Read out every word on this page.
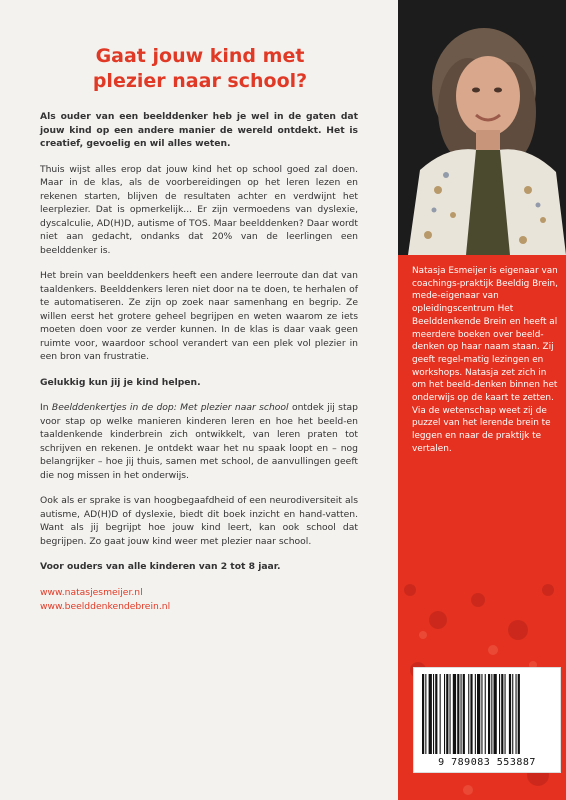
Gaat jouw kind met
plezier naar school?

Als ouder van een beelddenker heb je wel in de gaten dat jouw kind op een andere manier de wereld ontdekt. Het is creatief, gevoelig en wil alles weten.

Thuis wijst alles erop dat jouw kind het op school goed zal doen. Maar in de klas, als de voorbereidingen op het leren lezen en rekenen starten, blijven de resultaten achter en verdwijnt het leerplezier. Dat is opmerkelijk... Er zijn vermoedens van dyslexie, dyscalculie, AD(H)D, autisme of TOS. Maar beelddenken? Daar wordt niet aan gedacht, ondanks dat 20% van de leerlingen een beelddenker is.

Het brein van beelddenkers heeft een andere leerroute dan dat van taaldenkers. Beelddenkers leren niet door na te doen, te herhalen of te automatiseren. Ze zijn op zoek naar samenhang en begrip. Ze willen eerst het grotere geheel begrijpen en weten waarom ze iets moeten doen voor ze verder kunnen. In de klas is daar vaak geen ruimte voor, waardoor school verandert van een plek vol plezier in een bron van frustratie.

Gelukkig kun jij je kind helpen.

In Beelddenkertjes in de dop: Met plezier naar school ontdek jij stap voor stap op welke manieren kinderen leren en hoe het beeld-en taaldenkende kinderbrein zich ontwikkelt, van leren praten tot schrijven en rekenen. Je ontdekt waar het nu spaak loopt en – nog belangrijker – hoe jij thuis, samen met school, de aanvullingen geeft die nog missen in het onderwijs.

Ook als er sprake is van hoogbegaafdheid of een neurodiversiteit als autisme, AD(H)D of dyslexie, biedt dit boek inzicht en hand-vatten. Want als jij begrijpt hoe jouw kind leert, kan ook school dat begrijpen. Zo gaat jouw kind weer met plezier naar school.

Voor ouders van alle kinderen van 2 tot 8 jaar.

www.natasjesmeijer.nl
www.beelddenkendebrein.nl
Natasja Esmeijer is eigenaar van coachings-praktijk Beeldig Brein, mede-eigenaar van opleidingscentrum Het Beelddenkende Brein en heeft al meerdere boeken over beeld-denken op haar naam staan. Zij geeft regel-matig lezingen en workshops. Natasja zet zich in om het beeld-denken binnen het onderwijs op de kaart te zetten. Via de wetenschap weet zij de puzzel van het lerende brein te leggen en naar de praktijk te vertalen.
9 789083 553887
